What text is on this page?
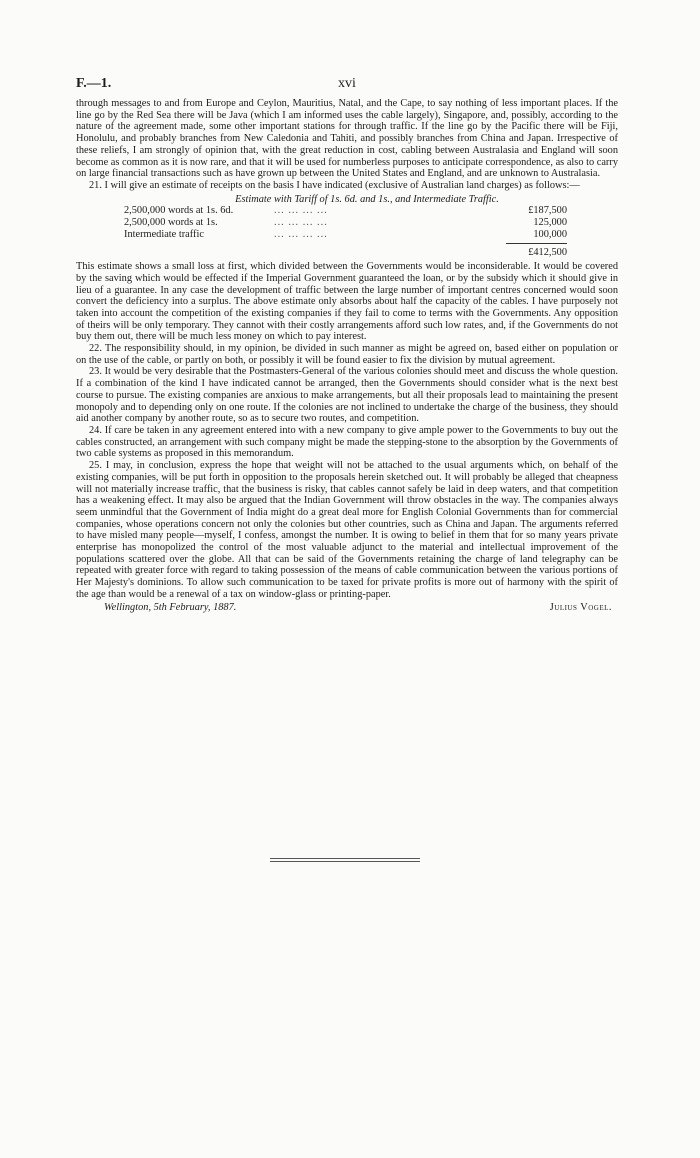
F.—1.	xvi

through messages to and from Europe and Ceylon, Mauritius, Natal, and the Cape, to say nothing of less important places. If the line go by the Red Sea there will be Java (which I am informed uses the cable largely), Singapore, and, possibly, according to the nature of the agreement made, some other important stations for through traffic. If the line go by the Pacific there will be Fiji, Honolulu, and probably branches from New Caledonia and Tahiti, and possibly branches from China and Japan. Irrespective of these reliefs, I am strongly of opinion that, with the great reduction in cost, cabling between Australasia and England will soon become as common as it is now rare, and that it will be used for numberless purposes to anticipate correspondence, as also to carry on large financial transactions such as have grown up between the United States and England, and are unknown to Australasia.

21. I will give an estimate of receipts on the basis I have indicated (exclusive of Australian land charges) as follows:—

Estimate with Tariff of 1s. 6d. and 1s., and Intermediate Traffic.
2,500,000 words at 1s. 6d.	... ... ... ...	£187,500
2,500,000 words at 1s.	... ... ... ...	125,000
Intermediate traffic	... ... ... ...	100,000
£412,500

This estimate shows a small loss at first, which divided between the Governments would be inconsiderable. It would be covered by the saving which would be effected if the Imperial Government guaranteed the loan, or by the subsidy which it should give in lieu of a guarantee. In any case the development of traffic between the large number of important centres concerned would soon convert the deficiency into a surplus. The above estimate only absorbs about half the capacity of the cables. I have purposely not taken into account the competition of the existing companies if they fail to come to terms with the Governments. Any opposition of theirs will be only temporary. They cannot with their costly arrangements afford such low rates, and, if the Governments do not buy them out, there will be much less money on which to pay interest.

22. The responsibility should, in my opinion, be divided in such manner as might be agreed on, based either on population or on the use of the cable, or partly on both, or possibly it will be found easier to fix the division by mutual agreement.

23. It would be very desirable that the Postmasters-General of the various colonies should meet and discuss the whole question. If a combination of the kind I have indicated cannot be arranged, then the Governments should consider what is the next best course to pursue. The existing companies are anxious to make arrangements, but all their proposals lead to maintaining the present monopoly and to depending only on one route. If the colonies are not inclined to undertake the charge of the business, they should aid another company by another route, so as to secure two routes, and competition.

24. If care be taken in any agreement entered into with a new company to give ample power to the Governments to buy out the cables constructed, an arrangement with such company might be made the stepping-stone to the absorption by the Governments of two cable systems as proposed in this memorandum.

25. I may, in conclusion, express the hope that weight will not be attached to the usual arguments which, on behalf of the existing companies, will be put forth in opposition to the proposals herein sketched out. It will probably be alleged that cheapness will not materially increase traffic, that the business is risky, that cables cannot safely be laid in deep waters, and that competition has a weakening effect. It may also be argued that the Indian Government will throw obstacles in the way. The companies always seem unmindful that the Government of India might do a great deal more for English Colonial Governments than for commercial companies, whose operations concern not only the colonies but other countries, such as China and Japan. The arguments referred to have misled many people—myself, I confess, amongst the number. It is owing to belief in them that for so many years private enterprise has monopolized the control of the most valuable adjunct to the material and intellectual improvement of the populations scattered over the globe. All that can be said of the Governments retaining the charge of land telegraphy can be repeated with greater force with regard to taking possession of the means of cable communication between the various portions of Her Majesty's dominions. To allow such communication to be taxed for private profits is more out of harmony with the spirit of the age than would be a renewal of a tax on window-glass or printing-paper.

Wellington, 5th February, 1887.	Julius Vogel.
